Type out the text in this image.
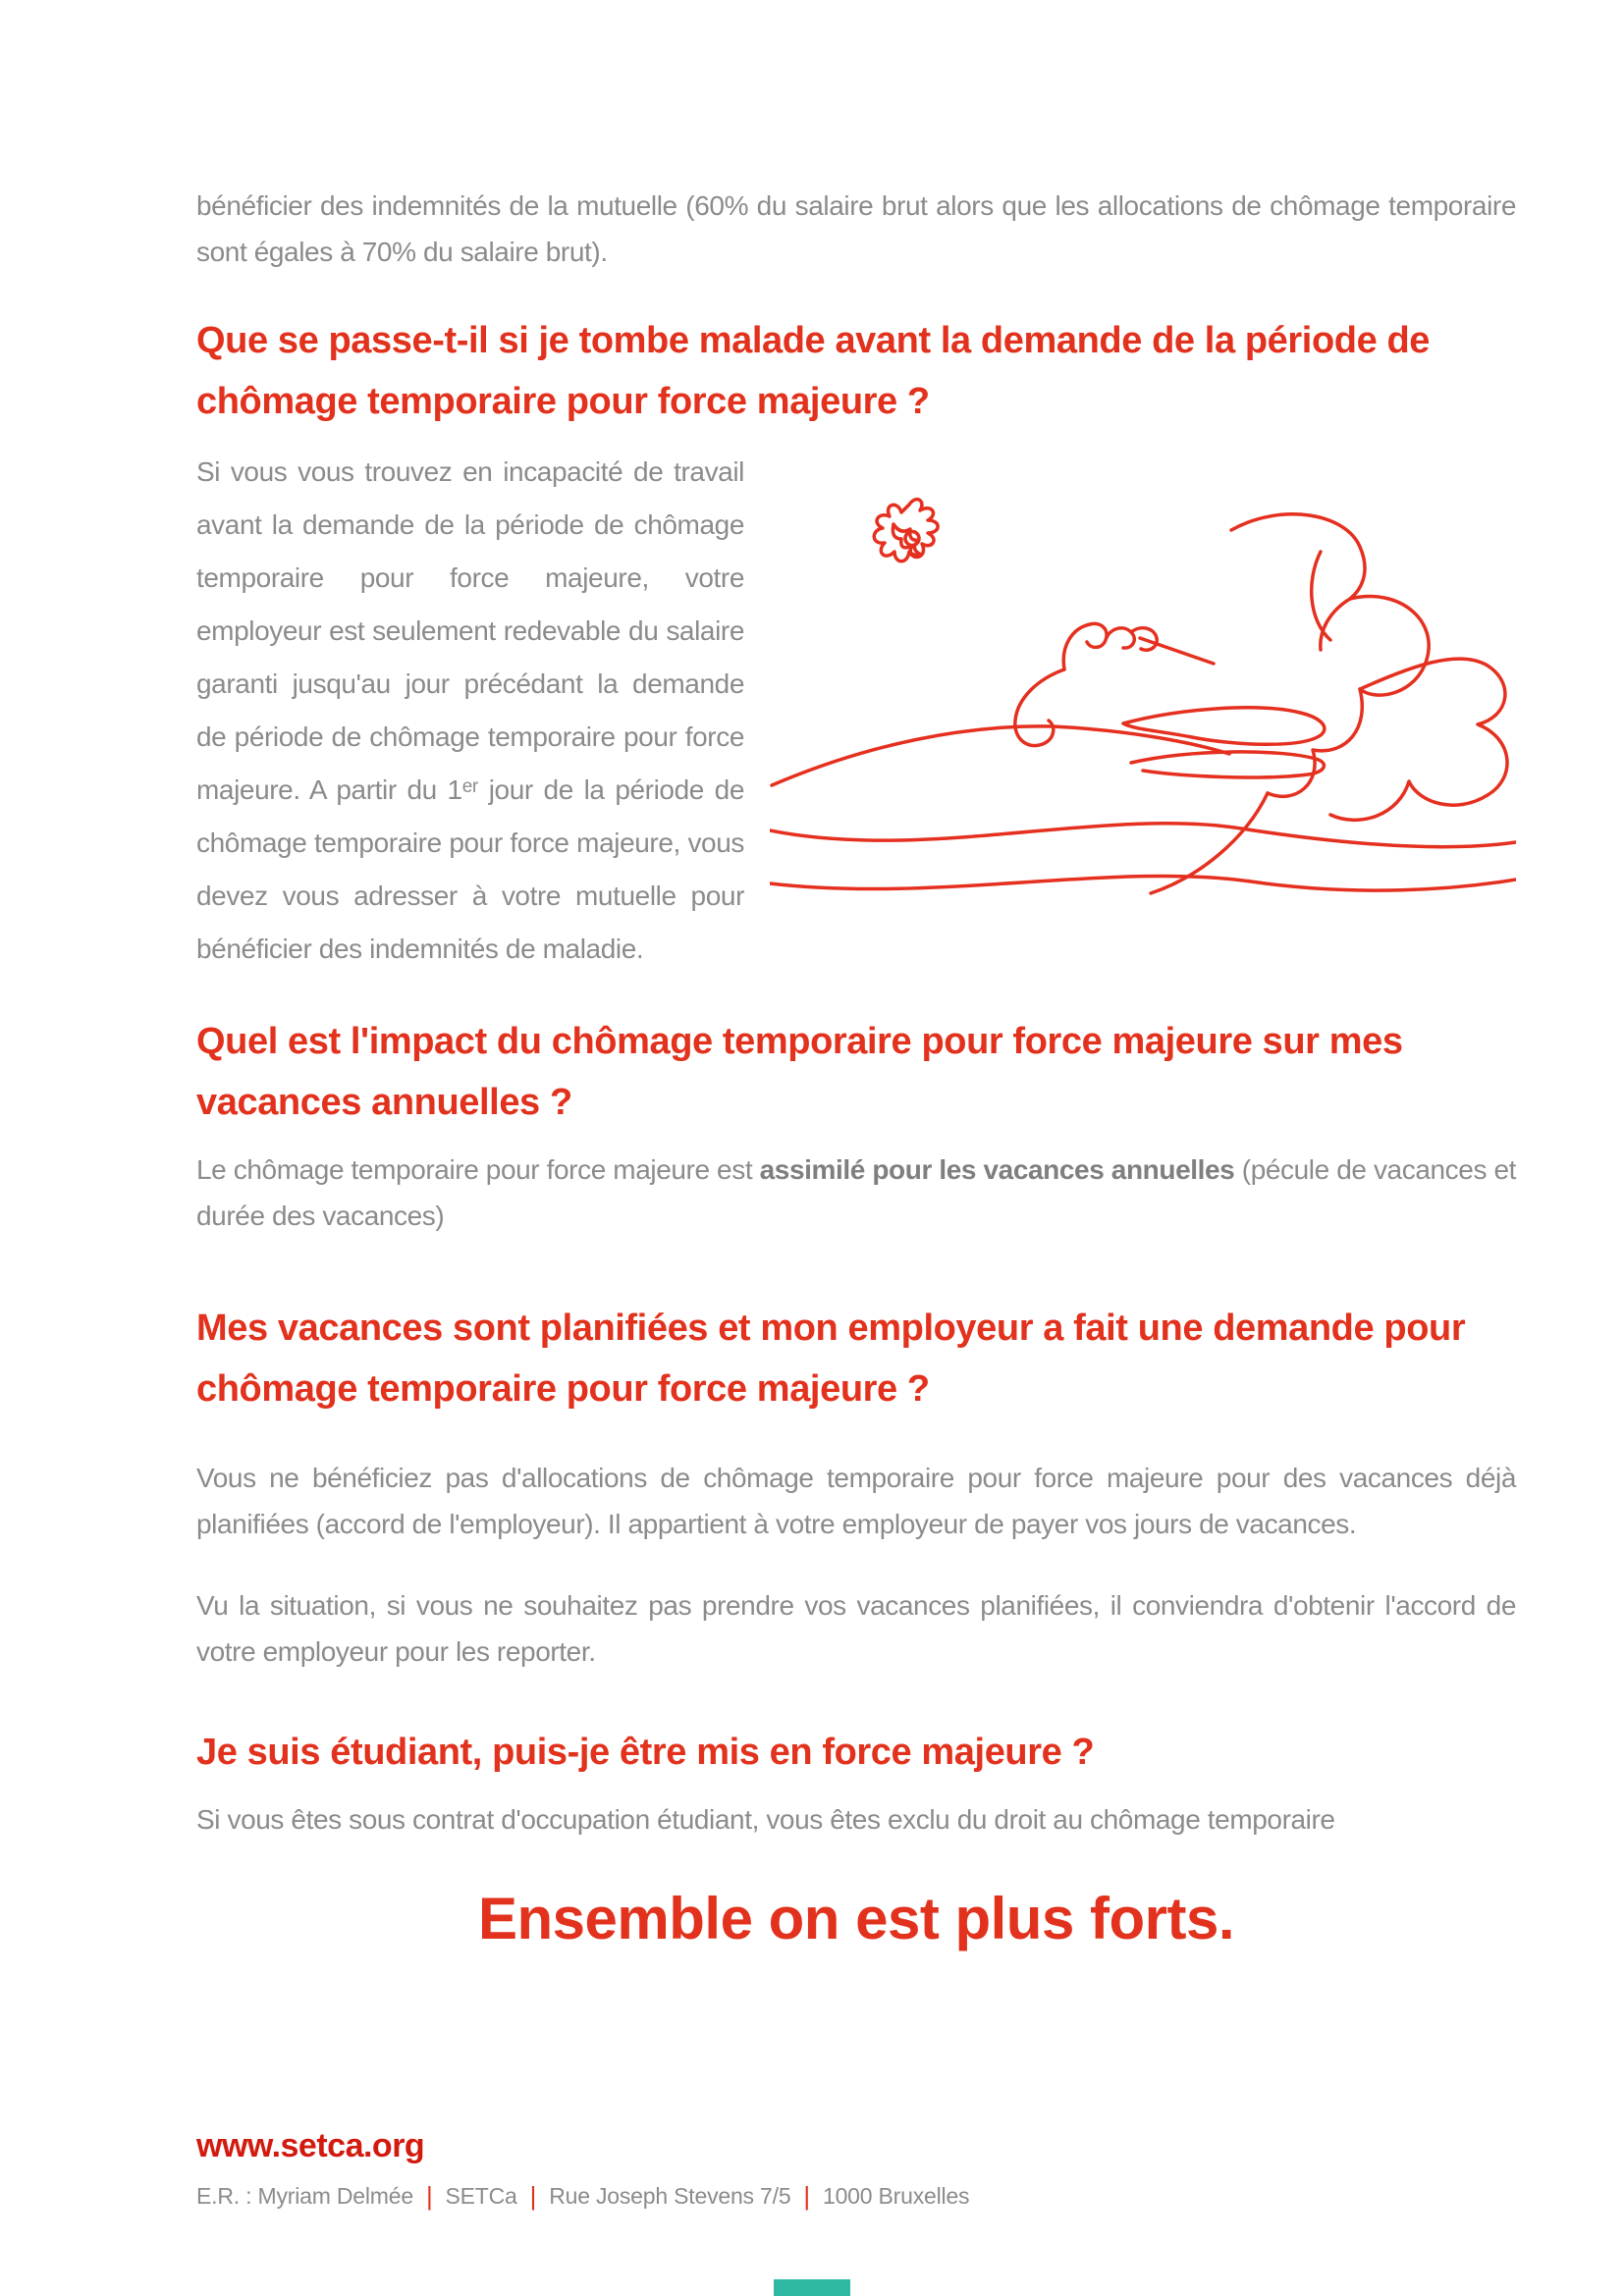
bénéficier des indemnités de la mutuelle (60% du salaire brut alors que les allocations de chômage temporaire sont égales à 70% du salaire brut).

Que se passe-t-il si je tombe malade avant la demande de la période de chômage temporaire pour force majeure ?

Si vous vous trouvez en incapacité de travail avant la demande de la période de chômage temporaire pour force majeure, votre employeur est seulement redevable du salaire garanti jusqu'au jour précédant la demande de période de chômage temporaire pour force majeure. A partir du 1ᵉʳ jour de la période de chômage temporaire pour force majeure, vous devez vous adresser à votre mutuelle pour bénéficier des indemnités de maladie.

Quel est l'impact du chômage temporaire pour force majeure sur mes vacances annuelles ?

Le chômage temporaire pour force majeure est assimilé pour les vacances annuelles (pécule de vacances et durée des vacances)

Mes vacances sont planifiées et mon employeur a fait une demande pour chômage temporaire pour force majeure ?

Vous ne bénéficiez pas d'allocations de chômage temporaire pour force majeure pour des vacances déjà planifiées (accord de l'employeur). Il appartient à votre employeur de payer vos jours de vacances.

Vu la situation, si vous ne souhaitez pas prendre vos vacances planifiées, il conviendra d'obtenir l'accord de votre employeur pour les reporter.

Je suis étudiant, puis-je être mis en force majeure ?

Si vous êtes sous contrat d'occupation étudiant, vous êtes exclu du droit au chômage temporaire

Ensemble on est plus forts.
www.setca.org
E.R. : Myriam Delmée | SETCa | Rue Joseph Stevens 7/5 | 1000 Bruxelles
